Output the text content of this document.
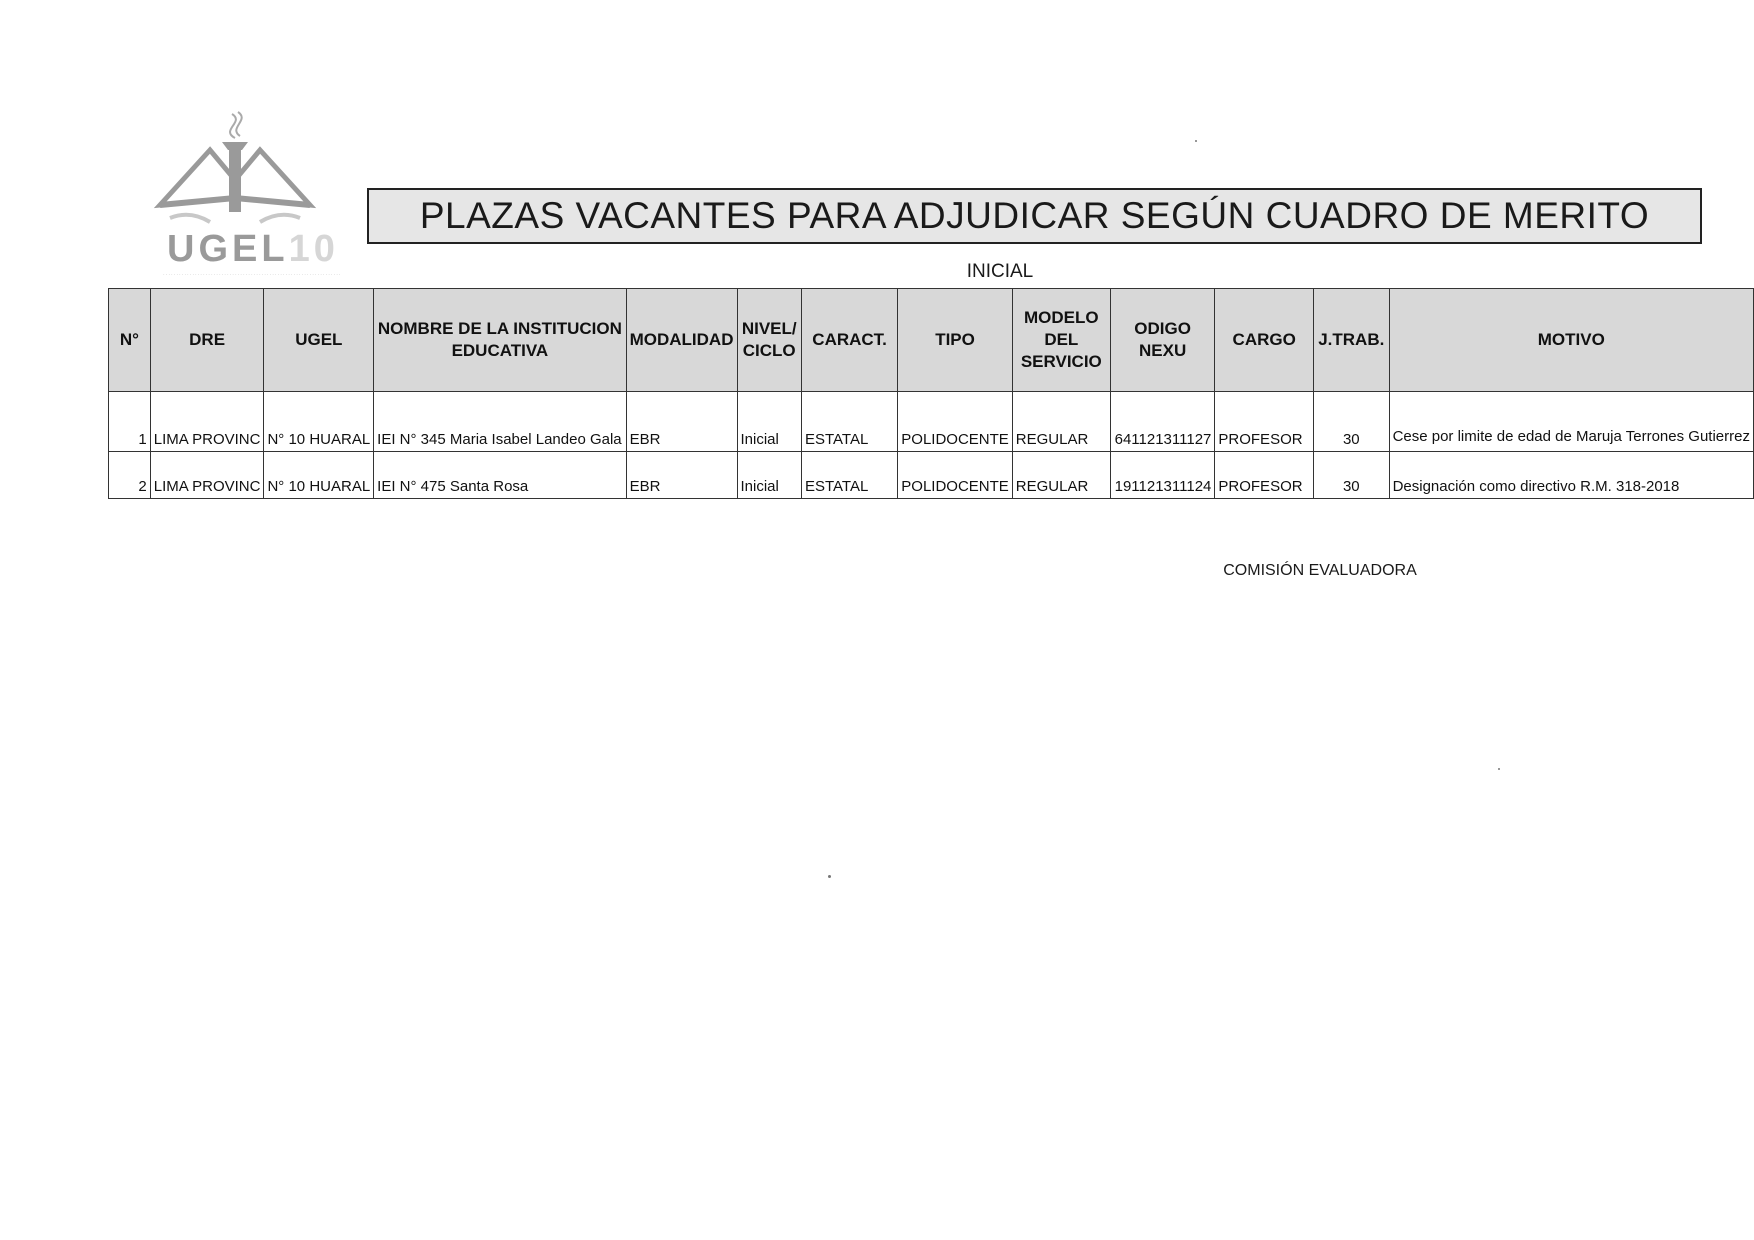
UGEL10
···································································
PLAZAS VACANTES PARA ADJUDICAR SEGÚN CUADRO DE MERITO
INICIAL
N°	DRE	UGEL	NOMBRE DE LA INSTITUCION EDUCATIVA	MODALIDAD	NIVEL/ CICLO	CARACT.	TIPO	MODELO DEL SERVICIO	ODIGO NEXU	CARGO	J.TRAB.	MOTIVO
1	LIMA PROVINC	N° 10 HUARAL	IEI N° 345 Maria Isabel Landeo Gala	EBR	Inicial	ESTATAL	POLIDOCENTE	REGULAR	641121311127	PROFESOR	30	Cese por limite de edad de Maruja Terrones Gutierrez
2	LIMA PROVINC	N° 10 HUARAL	IEI N° 475 Santa Rosa	EBR	Inicial	ESTATAL	POLIDOCENTE	REGULAR	191121311124	PROFESOR	30	Designación como directivo R.M. 318-2018
COMISIÓN EVALUADORA
